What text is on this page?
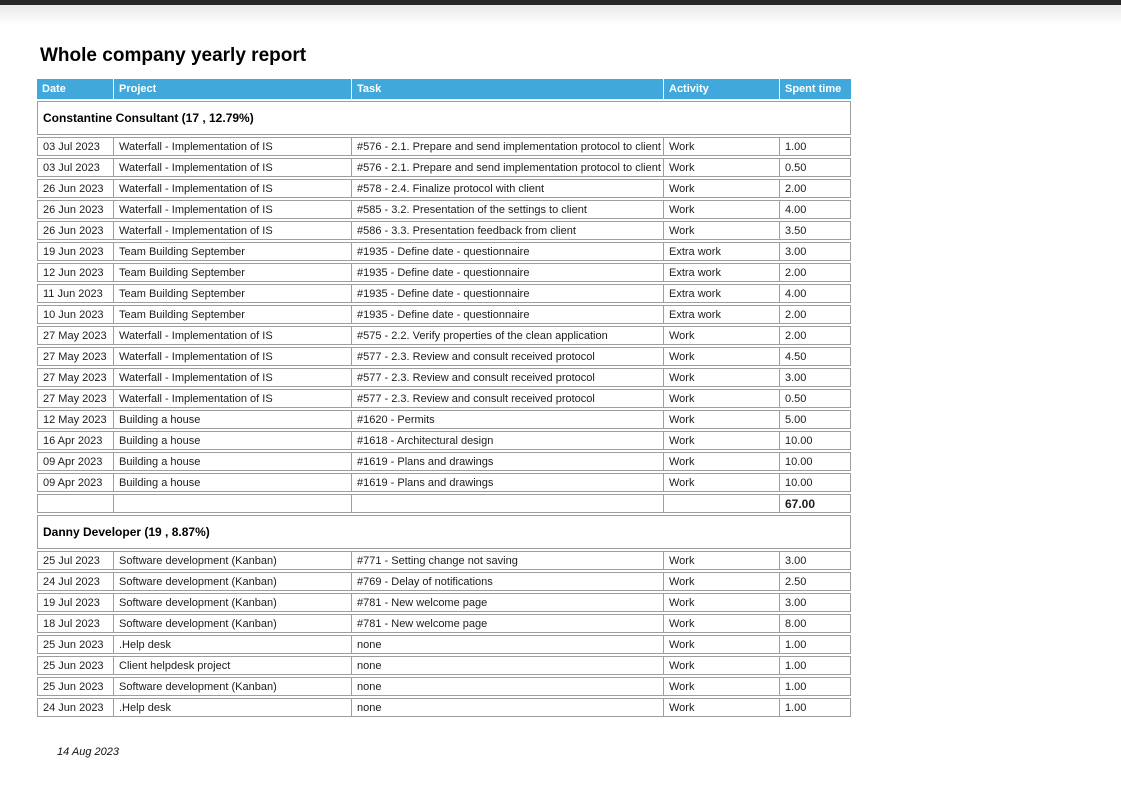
Whole company yearly report
Date	Project	Task	Activity	Spent time
Constantine Consultant (17 , 12.79%)				
03 Jul 2023	Waterfall - Implementation of IS	#576 - 2.1. Prepare and send implementation protocol to client	Work	1.00
03 Jul 2023	Waterfall - Implementation of IS	#576 - 2.1. Prepare and send implementation protocol to client	Work	0.50
26 Jun 2023	Waterfall - Implementation of IS	#578 - 2.4. Finalize protocol with client	Work	2.00
26 Jun 2023	Waterfall - Implementation of IS	#585 - 3.2. Presentation of the settings to client	Work	4.00
26 Jun 2023	Waterfall - Implementation of IS	#586 - 3.3. Presentation feedback from client	Work	3.50
19 Jun 2023	Team Building September	#1935 - Define date - questionnaire	Extra work	3.00
12 Jun 2023	Team Building September	#1935 - Define date - questionnaire	Extra work	2.00
11 Jun 2023	Team Building September	#1935 - Define date - questionnaire	Extra work	4.00
10 Jun 2023	Team Building September	#1935 - Define date - questionnaire	Extra work	2.00
27 May 2023	Waterfall - Implementation of IS	#575 - 2.2. Verify properties of the clean application	Work	2.00
27 May 2023	Waterfall - Implementation of IS	#577 - 2.3. Review and consult received protocol	Work	4.50
27 May 2023	Waterfall - Implementation of IS	#577 - 2.3. Review and consult received protocol	Work	3.00
27 May 2023	Waterfall - Implementation of IS	#577 - 2.3. Review and consult received protocol	Work	0.50
12 May 2023	Building a house	#1620 - Permits	Work	5.00
16 Apr 2023	Building a house	#1618 - Architectural design	Work	10.00
09 Apr 2023	Building a house	#1619 - Plans and drawings	Work	10.00
09 Apr 2023	Building a house	#1619 - Plans and drawings	Work	10.00
				67.00
Danny Developer (19 , 8.87%)				
25 Jul 2023	Software development (Kanban)	#771 - Setting change not saving	Work	3.00
24 Jul 2023	Software development (Kanban)	#769 - Delay of notifications	Work	2.50
19 Jul 2023	Software development (Kanban)	#781 - New welcome page	Work	3.00
18 Jul 2023	Software development (Kanban)	#781 - New welcome page	Work	8.00
25 Jun 2023	.Help desk	none	Work	1.00
25 Jun 2023	Client helpdesk project	none	Work	1.00
25 Jun 2023	Software development (Kanban)	none	Work	1.00
24 Jun 2023	.Help desk	none	Work	1.00
14 Aug 2023
